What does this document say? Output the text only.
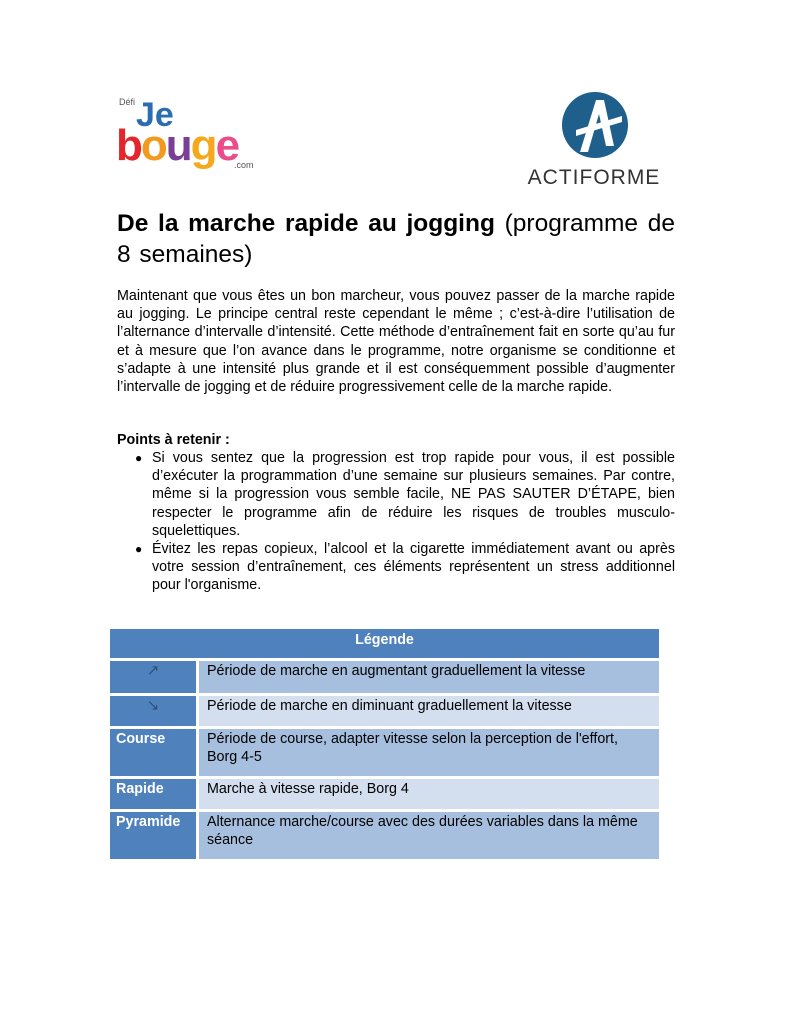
Défi Je
bouge
.com
ACTIFORME
De la marche rapide au jogging (programme de 8 semaines)
Maintenant que vous êtes un bon marcheur, vous pouvez passer de la marche rapide au jogging. Le principe central reste cependant le même ; c’est-à-dire l’utilisation de l’alternance d’intervalle d’intensité. Cette méthode d’entraînement fait en sorte qu’au fur et à mesure que l’on avance dans le programme, notre organisme se conditionne et s’adapte à une intensité plus grande et il est conséquemment possible d’augmenter l’intervalle de jogging et de réduire progressivement celle de la marche rapide.
Points à retenir :
● Si vous sentez que la progression est trop rapide pour vous, il est possible d’exécuter la programmation d’une semaine sur plusieurs semaines. Par contre, même si la progression vous semble facile, NE PAS SAUTER D’ÉTAPE, bien respecter le programme afin de réduire les risques de troubles musculo-squelettiques.
● Évitez les repas copieux, l’alcool et la cigarette immédiatement avant ou après votre session d’entraînement, ces éléments représentent un stress additionnel pour l'organisme.
Légende	
↗	Période de marche en augmentant graduellement la vitesse
↘	Période de marche en diminuant graduellement la vitesse
Course	Période de course, adapter vitesse selon la perception de l'effort, Borg 4-5
Rapide	Marche à vitesse rapide, Borg 4
Pyramide	Alternance marche/course avec des durées variables dans la même séance
